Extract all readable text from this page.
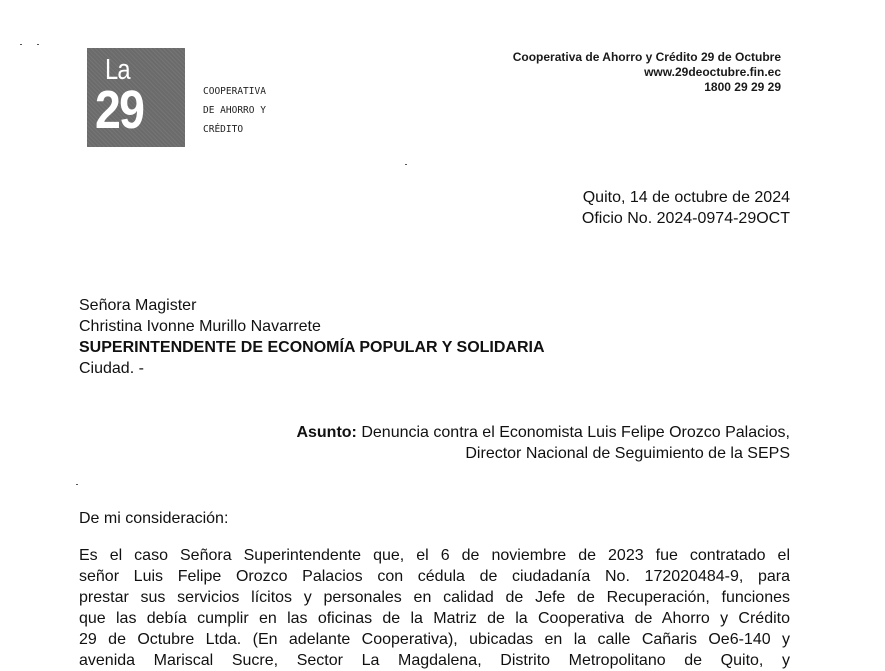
La
29	COOPERATIVA
DE AHORRO Y
CRÉDITO
Cooperativa de Ahorro y Crédito 29 de Octubre
www.29deoctubre.fin.ec
1800 29 29 29
Quito, 14 de octubre de 2024
Oficio No. 2024-0974-29OCT
Señora Magister
Christina Ivonne Murillo Navarrete
SUPERINTENDENTE DE ECONOMÍA POPULAR Y SOLIDARIA
Ciudad. -
Asunto: Denuncia contra el Economista Luis Felipe Orozco Palacios,
Director Nacional de Seguimiento de la SEPS
De mi consideración:
Es el caso Señora Superintendente que, el 6 de noviembre de 2023 fue contratado el
señor Luis Felipe Orozco Palacios con cédula de ciudadanía No. 172020484-9, para
prestar sus servicios lícitos y personales en calidad de Jefe de Recuperación, funciones
que las debía cumplir en las oficinas de la Matriz de la Cooperativa de Ahorro y Crédito
29 de Octubre Ltda. (En adelante Cooperativa), ubicadas en la calle Cañaris Oe6-140 y
avenida Mariscal Sucre, Sector La Magdalena, Distrito Metropolitano de Quito, y
